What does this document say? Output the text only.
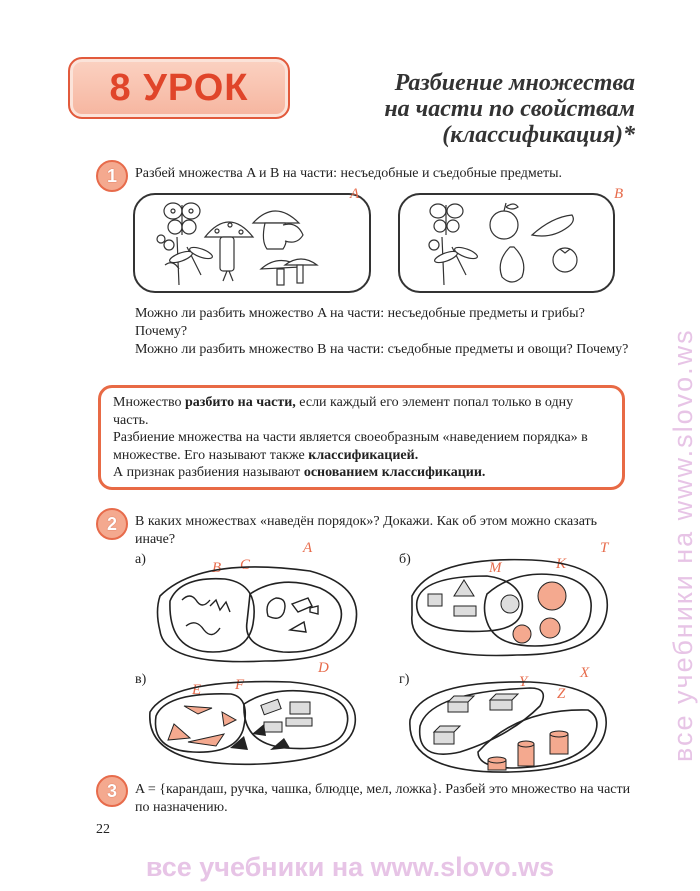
8 УРОК	Разбиение множества
на части по свойствам
(классификация)*
1	Разбей множества A и B на части: несъедобные и съедобные предметы.
A	B
Можно ли разбить множество A на части: несъедобные предметы и грибы? Почему?
Можно ли разбить множество B на части: съедобные предметы и овощи? Почему?

Множество разбито на части, если каждый его элемент попал только в одну часть.

Разбиение множества на части является своеобразным «наведением порядка» в множестве. Его называют также классификацией.

А признак разбиения называют основанием классификации.

2	В каких множествах «наведён порядок»? Докажи. Как об этом можно сказать иначе?
а)
A
B C	б)
T
M	K
в)
D
E F	г)	X
Y
Z
3	A = {карандаш, ручка, чашка, блюдце, мел, ложка}. Разбей это множество на части по назначению.
22
все учебники на www.slovo.ws
все учебники на www.slovo.ws
